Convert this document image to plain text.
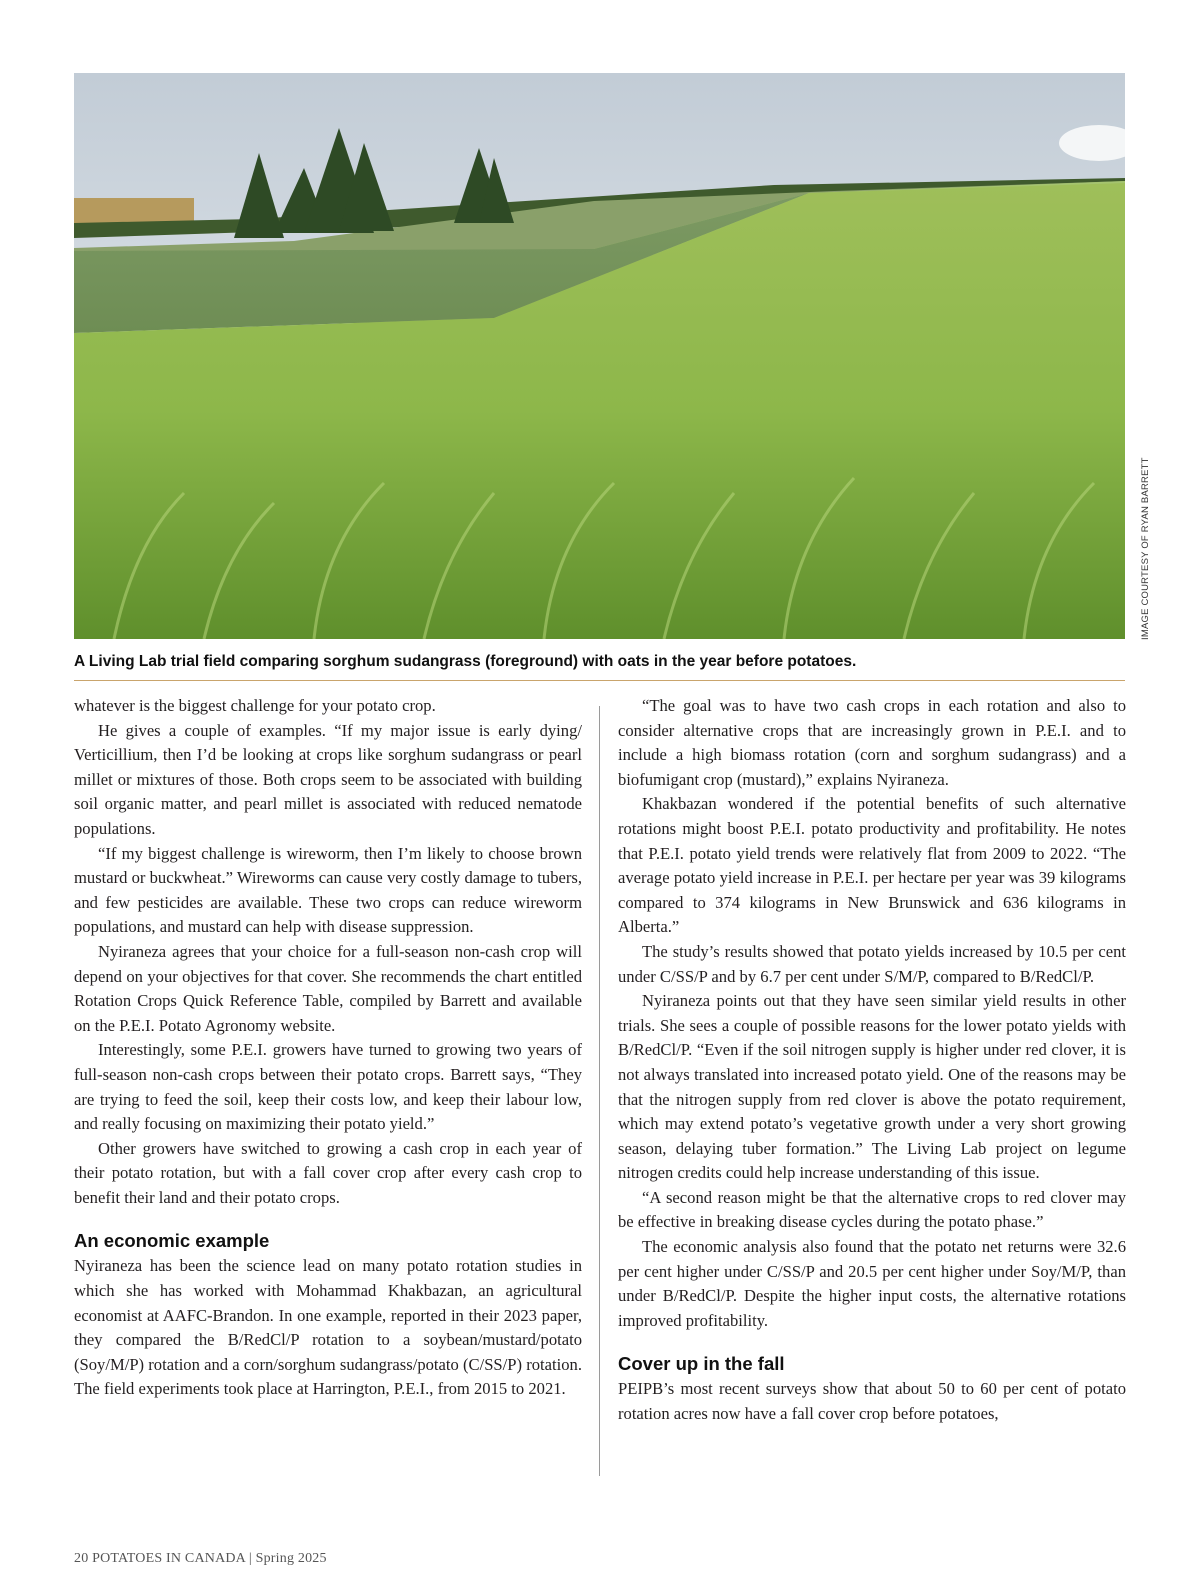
IMAGE COURTESY OF RYAN BARRETT
A Living Lab trial field comparing sorghum sudangrass (foreground) with oats in the year before potatoes.

whatever is the biggest challenge for your potato crop.

He gives a couple of examples. “If my major issue is early dying/ Verticillium, then I’d be looking at crops like sorghum sudangrass or pearl millet or mixtures of those. Both crops seem to be associated with building soil organic matter, and pearl millet is associated with reduced nematode populations.

“If my biggest challenge is wireworm, then I’m likely to choose brown mustard or buckwheat.” Wireworms can cause very costly damage to tubers, and few pesticides are available. These two crops can reduce wireworm populations, and mustard can help with disease suppression.

Nyiraneza agrees that your choice for a full-season non-cash crop will depend on your objectives for that cover. She recommends the chart entitled Rotation Crops Quick Reference Table, compiled by Barrett and available on the P.E.I. Potato Agronomy website.

Interestingly, some P.E.I. growers have turned to growing two years of full-season non-cash crops between their potato crops. Barrett says, “They are trying to feed the soil, keep their costs low, and keep their labour low, and really focusing on maximizing their potato yield.”

Other growers have switched to growing a cash crop in each year of their potato rotation, but with a fall cover crop after every cash crop to benefit their land and their potato crops.

An economic example

Nyiraneza has been the science lead on many potato rotation studies in which she has worked with Mohammad Khakbazan, an agricultural economist at AAFC-Brandon. In one example, reported in their 2023 paper, they compared the B/RedCl/P rotation to a soybean/mustard/potato (Soy/M/P) rotation and a corn/sorghum sudangrass/potato (C/SS/P) rotation. The field experiments took place at Harrington, P.E.I., from 2015 to 2021.

“The goal was to have two cash crops in each rotation and also to consider alternative crops that are increasingly grown in P.E.I. and to include a high biomass rotation (corn and sorghum sudangrass) and a biofumigant crop (mustard),” explains Nyiraneza.

Khakbazan wondered if the potential benefits of such alternative rotations might boost P.E.I. potato productivity and profitability. He notes that P.E.I. potato yield trends were relatively flat from 2009 to 2022. “The average potato yield increase in P.E.I. per hectare per year was 39 kilograms compared to 374 kilograms in New Brunswick and 636 kilograms in Alberta.”

The study’s results showed that potato yields increased by 10.5 per cent under C/SS/P and by 6.7 per cent under S/M/P, compared to B/RedCl/P.

Nyiraneza points out that they have seen similar yield results in other trials. She sees a couple of possible reasons for the lower potato yields with B/RedCl/P. “Even if the soil nitrogen supply is higher under red clover, it is not always translated into increased potato yield. One of the reasons may be that the nitrogen supply from red clover is above the potato requirement, which may extend potato’s vegetative growth under a very short growing season, delaying tuber formation.” The Living Lab project on legume nitrogen credits could help increase understanding of this issue.

“A second reason might be that the alternative crops to red clover may be effective in breaking disease cycles during the potato phase.”

The economic analysis also found that the potato net returns were 32.6 per cent higher under C/SS/P and 20.5 per cent higher under Soy/M/P, than under B/RedCl/P. Despite the higher input costs, the alternative rotations improved profitability.

Cover up in the fall

PEIPB’s most recent surveys show that about 50 to 60 per cent of potato rotation acres now have a fall cover crop before potatoes,

20 POTATOES IN CANADA | Spring 2025
